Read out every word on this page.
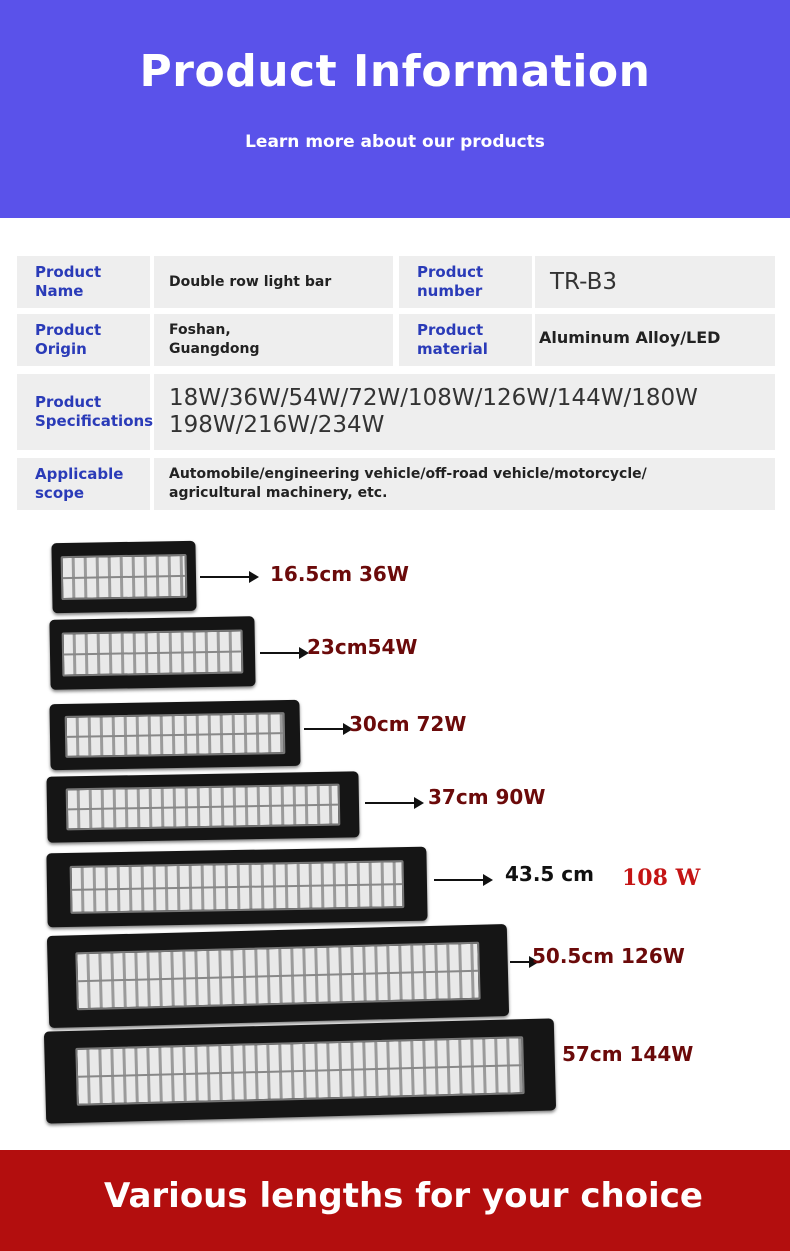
Product Information

Learn more about our products

Product Name
Double row light bar
Product number	TR-B3
Product Origin
Foshan, Guangdong
Product material
Aluminum Alloy/LED
Product Specifications
18W/36W/54W/72W/108W/126W/144W/180W 198W/216W/234W
Applicable scope
Automobile/engineering vehicle/off-road vehicle/motorcycle/ agricultural machinery, etc.
16.5cm 36W
23cm54W
30cm 72W
37cm 90W
43.5 cm 108 W
50.5cm 126W
57cm 144W
Various lengths for your choice
